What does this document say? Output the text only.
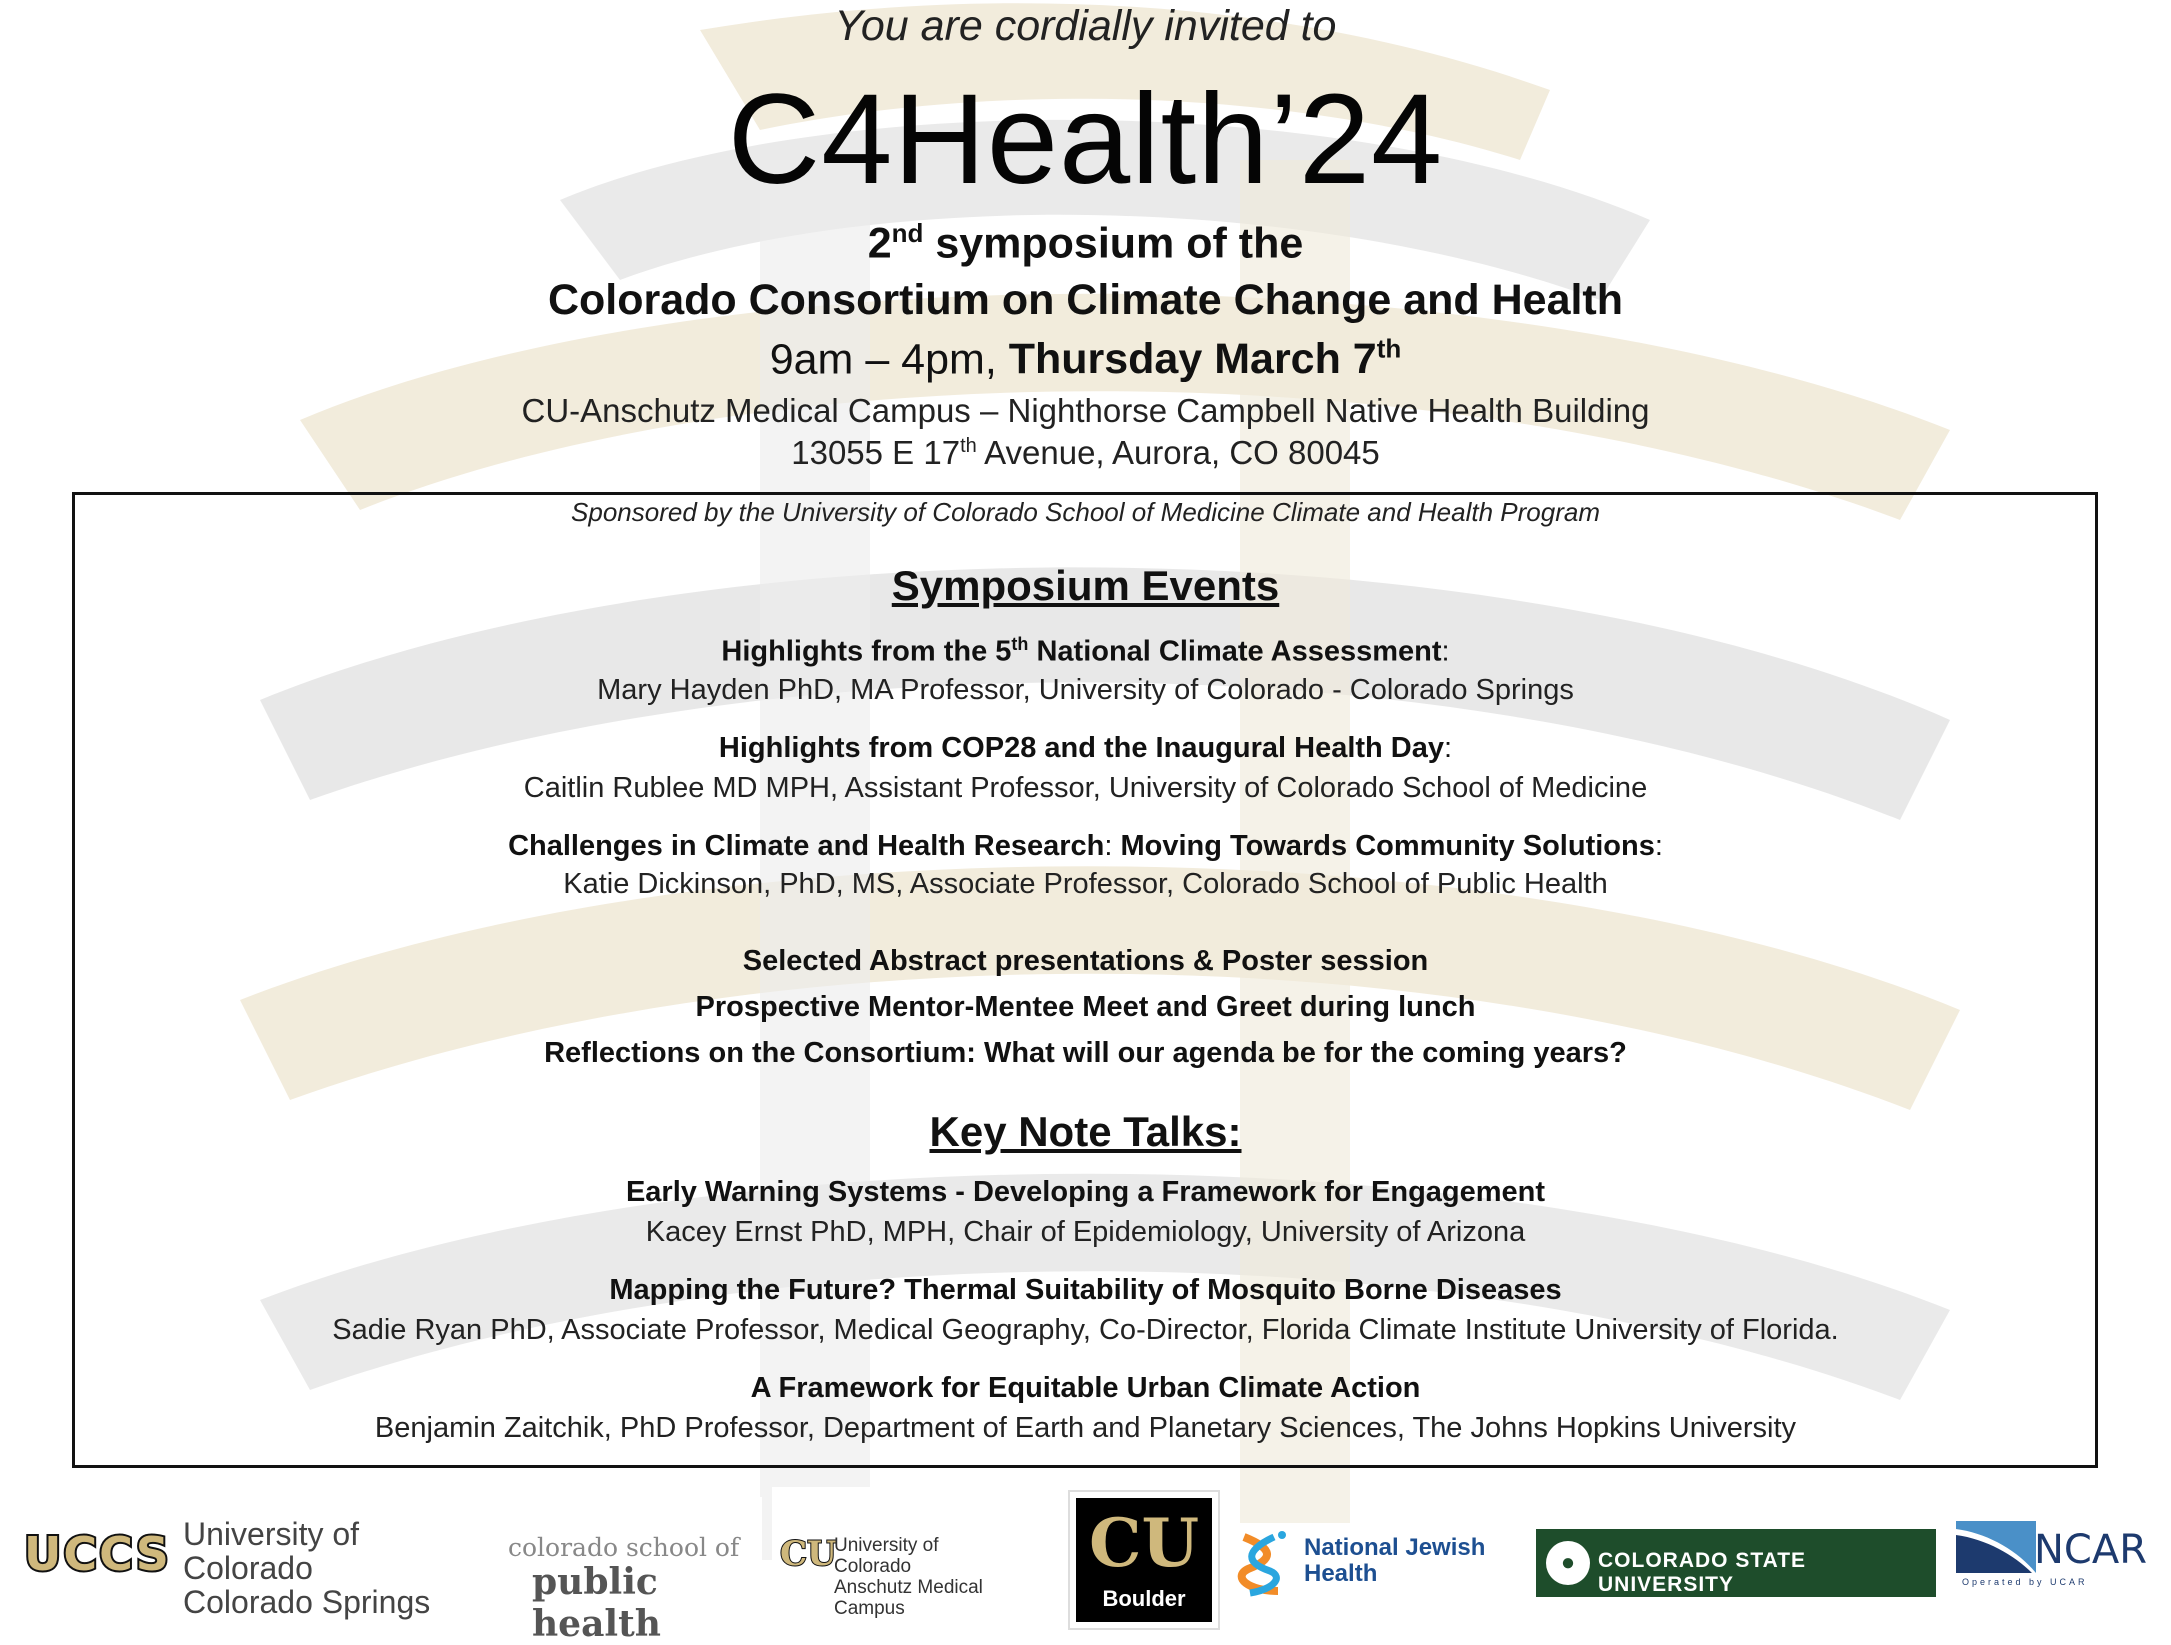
You are cordially invited to
C4Health’24
2nd symposium of the
Colorado Consortium on Climate Change and Health
9am – 4pm, Thursday March 7th
CU-Anschutz Medical Campus – Nighthorse Campbell Native Health Building
13055 E 17th Avenue, Aurora, CO 80045
Sponsored by the University of Colorado School of Medicine Climate and Health Program
Symposium Events
Highlights from the 5th National Climate Assessment:
Mary Hayden PhD, MA Professor, University of Colorado - Colorado Springs
Highlights from COP28 and the Inaugural Health Day:
Caitlin Rublee MD MPH, Assistant Professor, University of Colorado School of Medicine
Challenges in Climate and Health Research: Moving Towards Community Solutions:
Katie Dickinson, PhD, MS, Associate Professor, Colorado School of Public Health
Selected Abstract presentations & Poster session
Prospective Mentor-Mentee Meet and Greet during lunch
Reflections on the Consortium: What will our agenda be for the coming years?
Key Note Talks:
Early Warning Systems - Developing a Framework for Engagement
Kacey Ernst PhD, MPH, Chair of Epidemiology, University of Arizona
Mapping the Future? Thermal Suitability of Mosquito Borne Diseases
Sadie Ryan PhD, Associate Professor, Medical Geography, Co-Director, Florida Climate Institute University of Florida.
A Framework for Equitable Urban Climate Action
Benjamin Zaitchik, PhD Professor, Department of Earth and Planetary Sciences, The Johns Hopkins University
UCCS University of Colorado
Colorado Springs
colorado school of
public health
CU
University of Colorado
Anschutz Medical Campus
CU
Boulder
National Jewish
Health	●	COLORADO STATE UNIVERSITY
NCAR
Operated by UCAR
